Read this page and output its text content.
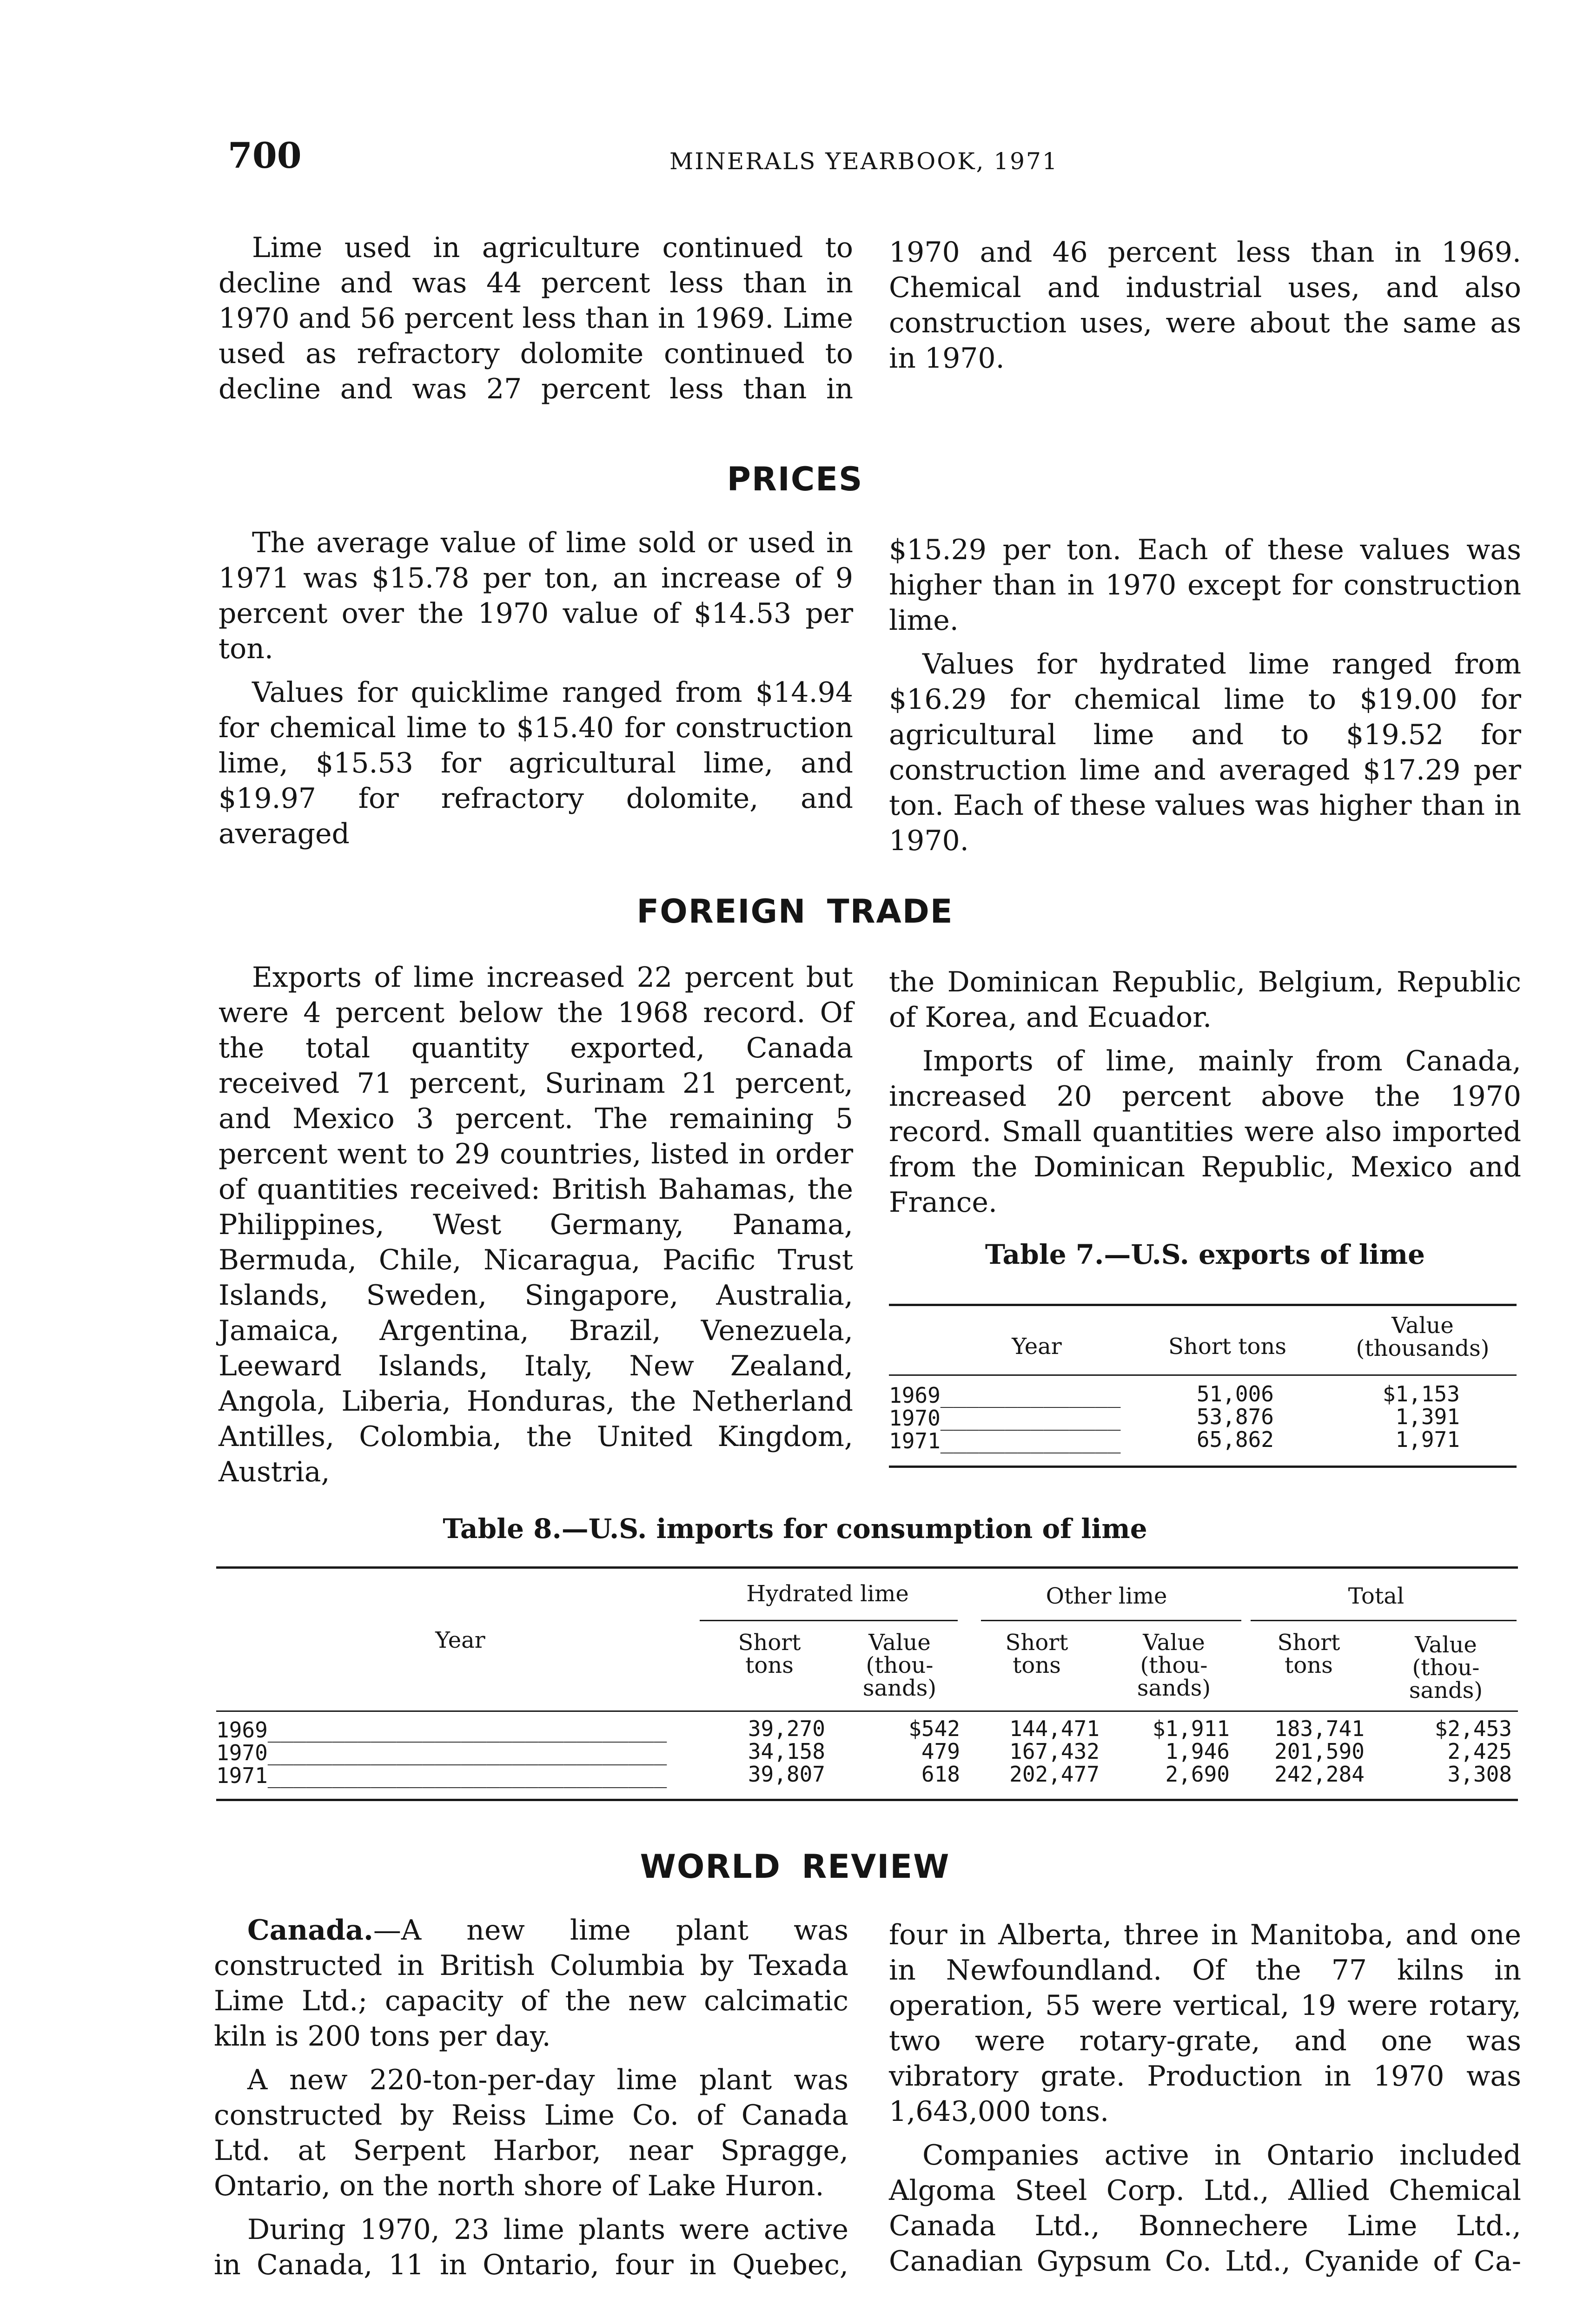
700	MINERALS YEARBOOK, 1971

Lime used in agriculture continued to decline and was 44 percent less than in 1970 and 56 percent less than in 1969. Lime used as refractory dolomite continued to decline and was 27 percent less than in

1970 and 46 percent less than in 1969. Chemical and industrial uses, and also construction uses, were about the same as in 1970.

PRICES

The average value of lime sold or used in 1971 was $15.78 per ton, an increase of 9 percent over the 1970 value of $14.53 per ton.

Values for quicklime ranged from $14.94 for chemical lime to $15.40 for construction lime, $15.53 for agricultural lime, and $19.97 for refractory dolomite, and averaged

$15.29 per ton. Each of these values was higher than in 1970 except for construction lime.

Values for hydrated lime ranged from $16.29 for chemical lime to $19.00 for agricultural lime and to $19.52 for construction lime and averaged $17.29 per ton. Each of these values was higher than in 1970.

FOREIGN TRADE

Exports of lime increased 22 percent but were 4 percent below the 1968 record. Of the total quantity exported, Canada received 71 percent, Surinam 21 percent, and Mexico 3 percent. The remaining 5 percent went to 29 countries, listed in order of quantities received: British Bahamas, the Philippines, West Germany, Panama, Bermuda, Chile, Nicaragua, Pacific Trust Islands, Sweden, Singapore, Australia, Jamaica, Argentina, Brazil, Venezuela, Leeward Islands, Italy, New Zealand, Angola, Liberia, Honduras, the Netherland Antilles, Colombia, the United Kingdom, Austria,

the Dominican Republic, Belgium, Republic of Korea, and Ecuador.

Imports of lime, mainly from Canada, increased 20 percent above the 1970 record. Small quantities were also imported from the Dominican Republic, Mexico and France.

Table 7.—U.S. exports of lime
Year	Short tons
Value
(thousands)
1969______________	51,006	$1,153
1970______________	53,876	1,391
1971______________	65,862	1,971
Table 8.—U.S. imports for consumption of lime
Year
Hydrated lime	Other lime	Total
Short
tons
Value
(thou-
sands)
Short
tons
Value
(thou-
sands)
Short
tons
Value
(thou-
sands)
1969_______________________________	39,270	$542	144,471	$1,911	183,741	$2,453
1970_______________________________	34,158	479	167,432	1,946	201,590	2,425
1971_______________________________	39,807	618	202,477	2,690	242,284	3,308
WORLD REVIEW

Canada.—A new lime plant was constructed in British Columbia by Texada Lime Ltd.; capacity of the new calcimatic kiln is 200 tons per day.

A new 220-ton-per-day lime plant was constructed by Reiss Lime Co. of Canada Ltd. at Serpent Harbor, near Spragge, Ontario, on the north shore of Lake Huron.

During 1970, 23 lime plants were active in Canada, 11 in Ontario, four in Quebec,

four in Alberta, three in Manitoba, and one in Newfoundland. Of the 77 kilns in operation, 55 were vertical, 19 were rotary, two were rotary-grate, and one was vibratory grate. Production in 1970 was 1,643,000 tons.

Companies active in Ontario included Algoma Steel Corp. Ltd., Allied Chemical Canada Ltd., Bonnechere Lime Ltd., Canadian Gypsum Co. Ltd., Cyanide of Ca-
